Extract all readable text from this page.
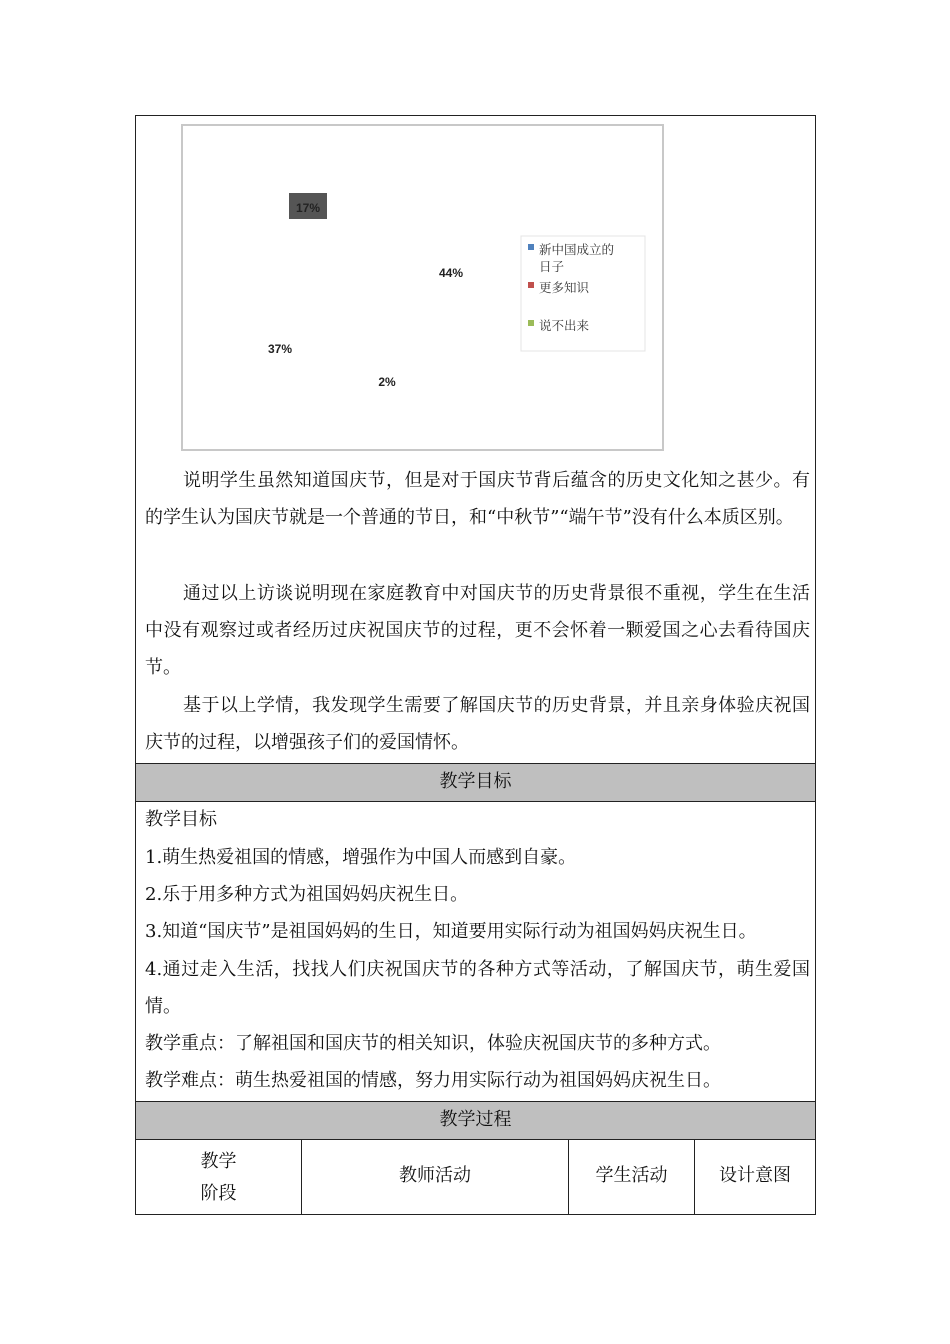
44%
2%
37%
17%
新中国成立的日子
更多知识
说不出来

说明学生虽然知道国庆节，但是对于国庆节背后蕴含的历史文化知之甚少。有的学生认为国庆节就是一个普通的节日，和“中秋节”“端午节”没有什么本质区别。

通过以上访谈说明现在家庭教育中对国庆节的历史背景很不重视，学生在生活中没有观察过或者经历过庆祝国庆节的过程，更不会怀着一颗爱国之心去看待国庆节。

基于以上学情，我发现学生需要了解国庆节的历史背景，并且亲身体验庆祝国庆节的过程，以增强孩子们的爱国情怀。

教学目标

教学目标

1.萌生热爱祖国的情感，增强作为中国人而感到自豪。

2.乐于用多种方式为祖国妈妈庆祝生日。

3.知道“国庆节”是祖国妈妈的生日，知道要用实际行动为祖国妈妈庆祝生日。

4.通过走入生活，找找人们庆祝国庆节的各种方式等活动，了解国庆节，萌生爱国情。

教学重点：了解祖国和国庆节的相关知识，体验庆祝国庆节的多种方式。

教学难点：萌生热爱祖国的情感，努力用实际行动为祖国妈妈庆祝生日。

教学过程
教学
阶段
教师活动	学生活动	设计意图
